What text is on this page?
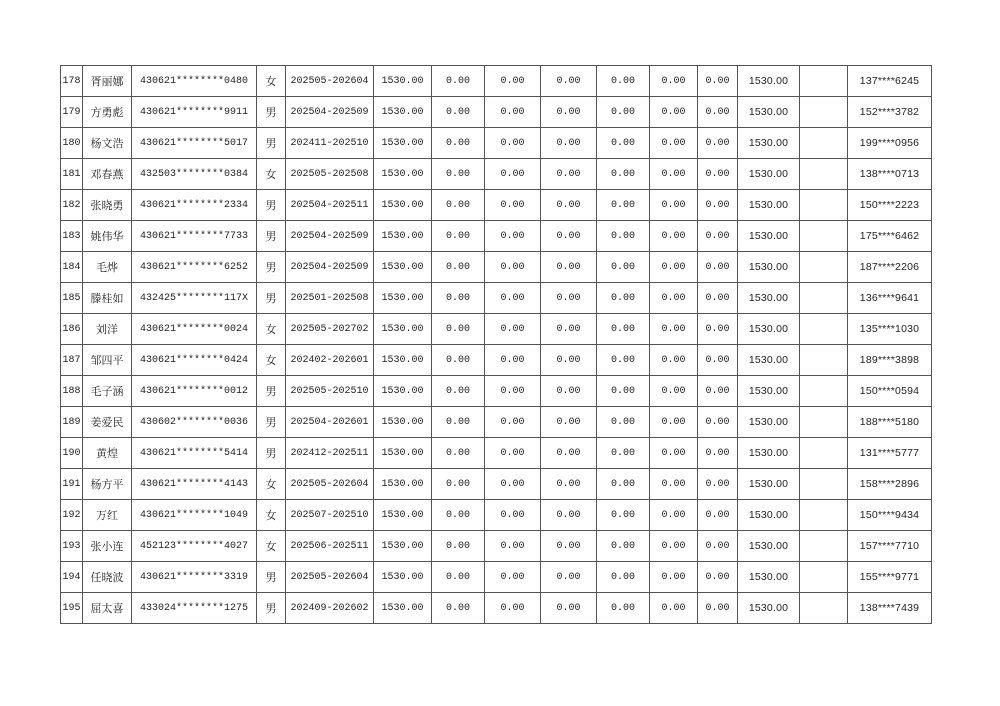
178	胥丽娜	430621********0480	女	202505-202604	1530.00	0.00	0.00	0.00	0.00	0.00	0.00	1530.00		137****6245
179	方勇彪	430621********9911	男	202504-202509	1530.00	0.00	0.00	0.00	0.00	0.00	0.00	1530.00		152****3782
180	杨文浩	430621********5017	男	202411-202510	1530.00	0.00	0.00	0.00	0.00	0.00	0.00	1530.00		199****0956
181	邓春燕	432503********0384	女	202505-202508	1530.00	0.00	0.00	0.00	0.00	0.00	0.00	1530.00		138****0713
182	张晓勇	430621********2334	男	202504-202511	1530.00	0.00	0.00	0.00	0.00	0.00	0.00	1530.00		150****2223
183	姚伟华	430621********7733	男	202504-202509	1530.00	0.00	0.00	0.00	0.00	0.00	0.00	1530.00		175****6462
184	毛烨	430621********6252	男	202504-202509	1530.00	0.00	0.00	0.00	0.00	0.00	0.00	1530.00		187****2206
185	滕桂如	432425********117X	男	202501-202508	1530.00	0.00	0.00	0.00	0.00	0.00	0.00	1530.00		136****9641
186	刘洋	430621********0024	女	202505-202702	1530.00	0.00	0.00	0.00	0.00	0.00	0.00	1530.00		135****1030
187	邹四平	430621********0424	女	202402-202601	1530.00	0.00	0.00	0.00	0.00	0.00	0.00	1530.00		189****3898
188	毛子涵	430621********0012	男	202505-202510	1530.00	0.00	0.00	0.00	0.00	0.00	0.00	1530.00		150****0594
189	姜爱民	430602********0036	男	202504-202601	1530.00	0.00	0.00	0.00	0.00	0.00	0.00	1530.00		188****5180
190	黄煌	430621********5414	男	202412-202511	1530.00	0.00	0.00	0.00	0.00	0.00	0.00	1530.00		131****5777
191	杨方平	430621********4143	女	202505-202604	1530.00	0.00	0.00	0.00	0.00	0.00	0.00	1530.00		158****2896
192	万红	430621********1049	女	202507-202510	1530.00	0.00	0.00	0.00	0.00	0.00	0.00	1530.00		150****9434
193	张小连	452123********4027	女	202506-202511	1530.00	0.00	0.00	0.00	0.00	0.00	0.00	1530.00		157****7710
194	任晓波	430621********3319	男	202505-202604	1530.00	0.00	0.00	0.00	0.00	0.00	0.00	1530.00		155****9771
195	屈太喜	433024********1275	男	202409-202602	1530.00	0.00	0.00	0.00	0.00	0.00	0.00	1530.00		138****7439
